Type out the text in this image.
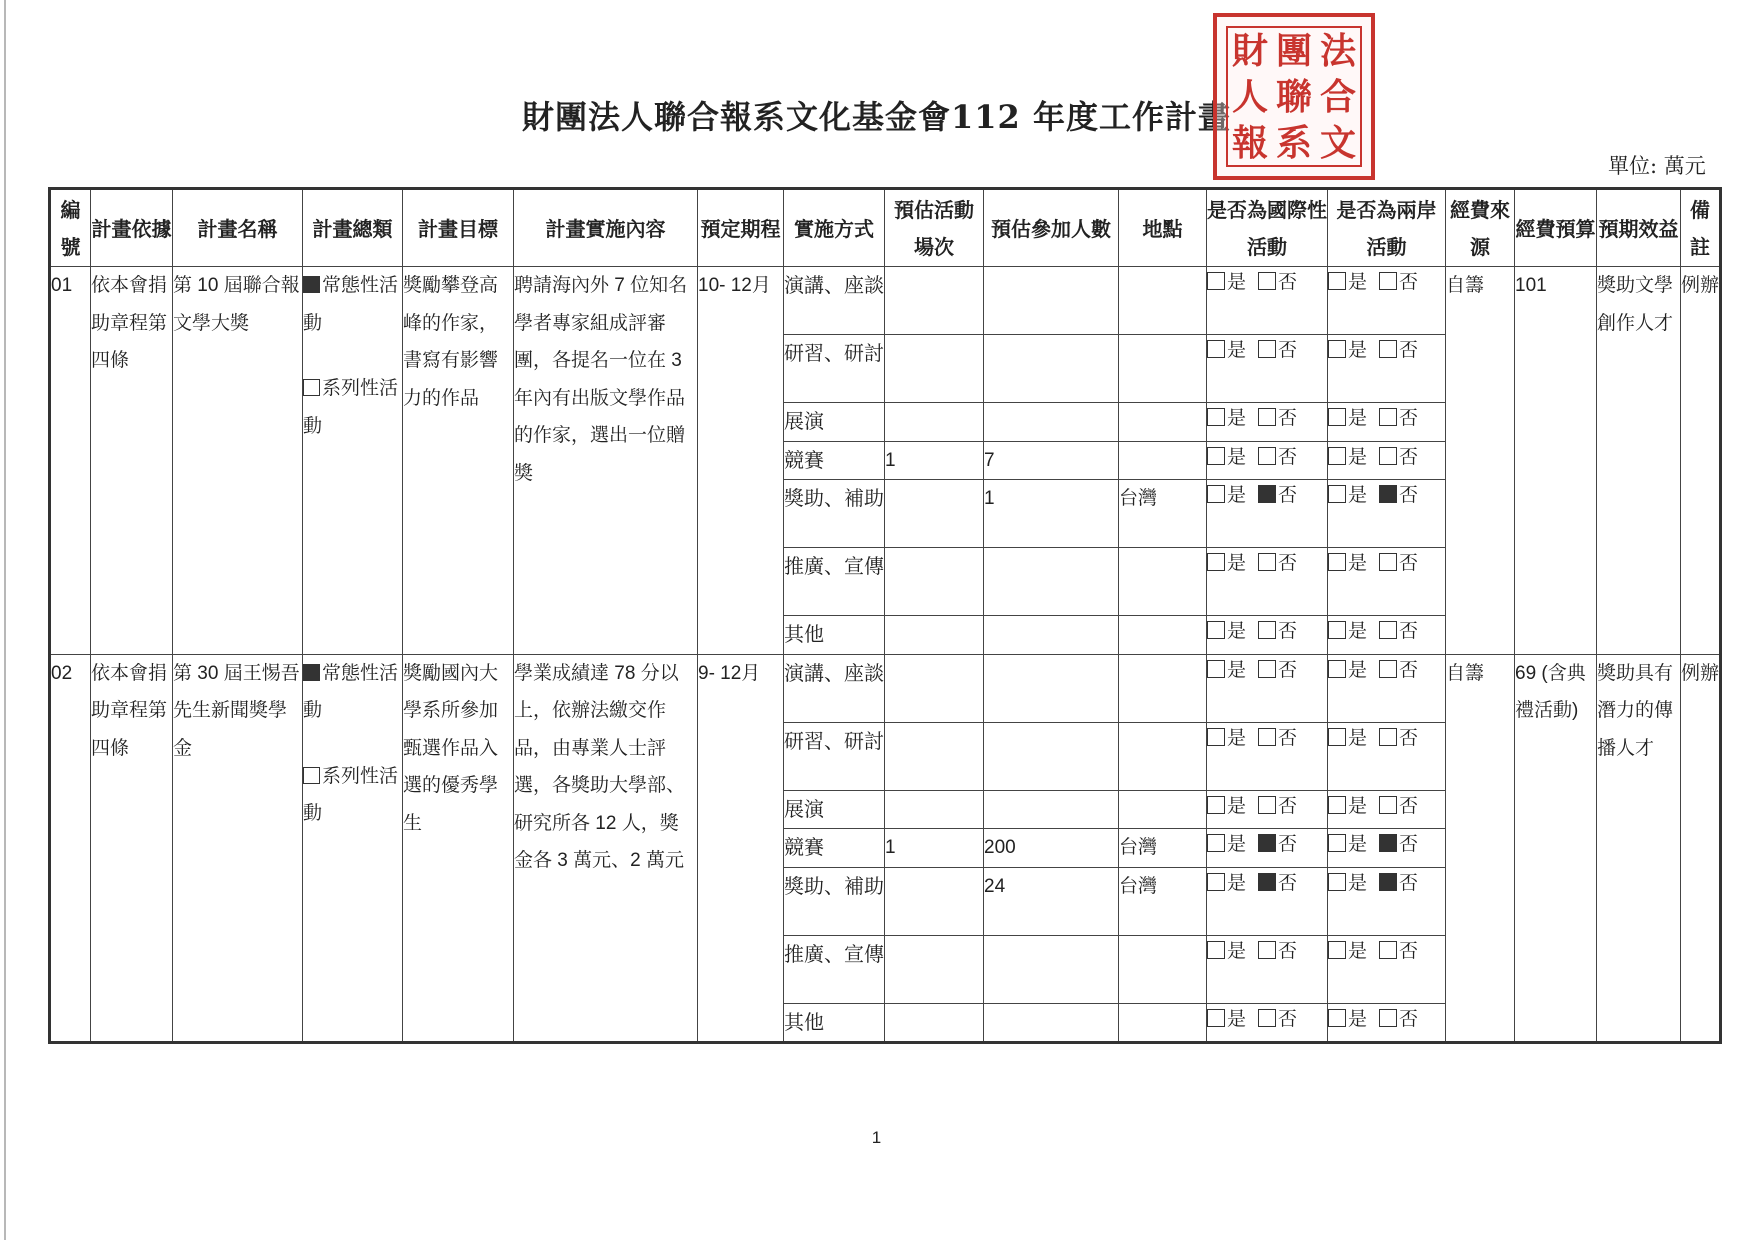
財團法人聯合報系文化基金會112 年度工作計畫
財 團 法
人 聯 合
報 系 文
單位: 萬元
編號	計畫依據	計畫名稱	計畫總類	計畫目標	計畫實施內容	預定期程	實施方式	預估活動場次	預估參加人數	地點	是否為國際性活動	是否為兩岸活動	經費來源	經費預算	預期效益	備註
01	依本會捐助章程第四條	第 10 屆聯合報文學大獎	常態性活動
系列性活動	獎勵攀登高峰的作家，書寫有影響力的作品	聘請海內外 7 位知名學者專家組成評審團，各提名一位在 3 年內有出版文學作品的作家，選出一位贈獎	10- 12月	演講、座談				是 否	是 否	自籌	101	獎助文學創作人才	例辦
							研習、研討				是 否	是 否				
							展演				是 否	是 否				
							競賽	1	7		是 否	是 否				
							獎助、補助		1	台灣	是 否	是 否				
							推廣、宣傳				是 否	是 否				
							其他				是 否	是 否				
02	依本會捐助章程第四條	第 30 屆王惕吾先生新聞獎學金	常態性活動
系列性活動	獎勵國內大學系所參加甄選作品入選的優秀學生	學業成績達 78 分以上，依辦法繳交作品，由專業人士評選，各獎助大學部、研究所各 12 人，獎金各 3 萬元、2 萬元	9- 12月	演講、座談				是 否	是 否	自籌	69 (含典禮活動)	獎助具有潛力的傳播人才	例辦
							研習、研討				是 否	是 否				
							展演				是 否	是 否				
							競賽	1	200	台灣	是 否	是 否				
							獎助、補助		24	台灣	是 否	是 否				
							推廣、宣傳				是 否	是 否				
							其他				是 否	是 否				
1
